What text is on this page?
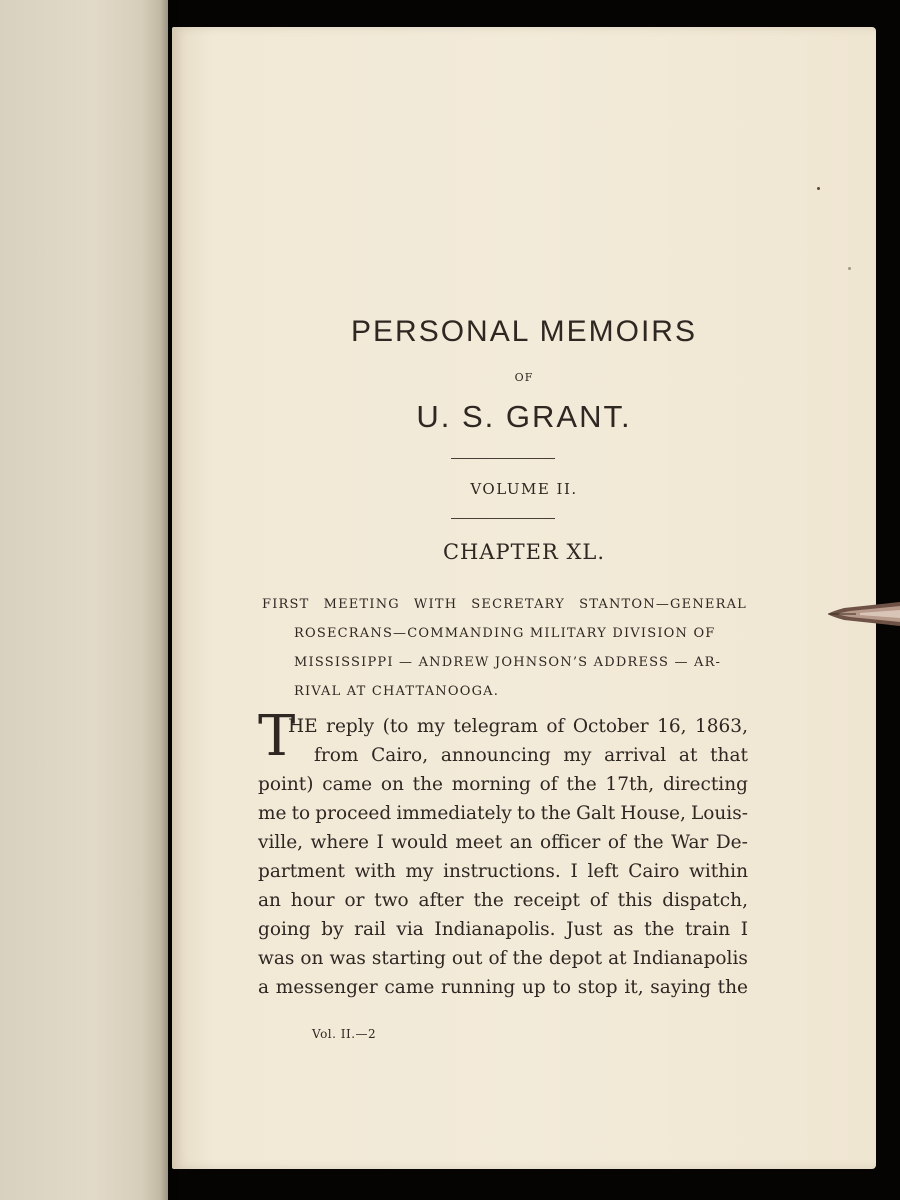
PERSONAL MEMOIRS
OF
U. S. GRANT.
VOLUME II.
CHAPTER XL.
FIRST MEETING WITH SECRETARY STANTON—GENERAL
ROSECRANS—COMMANDING MILITARY DIVISION OF
MISSISSIPPI — ANDREW JOHNSON’S ADDRESS — AR-
RIVAL AT CHATTANOOGA.
T
HE reply (to my telegram of October 16, 1863,
from Cairo, announcing my arrival at that
point) came on the morning of the 17th, directing
me to proceed immediately to the Galt House, Louis-
ville, where I would meet an officer of the War De-
partment with my instructions. I left Cairo within
an hour or two after the receipt of this dispatch,
going by rail via Indianapolis. Just as the train I
was on was starting out of the depot at Indianapolis
a messenger came running up to stop it, saying the
Vol. II.—2
